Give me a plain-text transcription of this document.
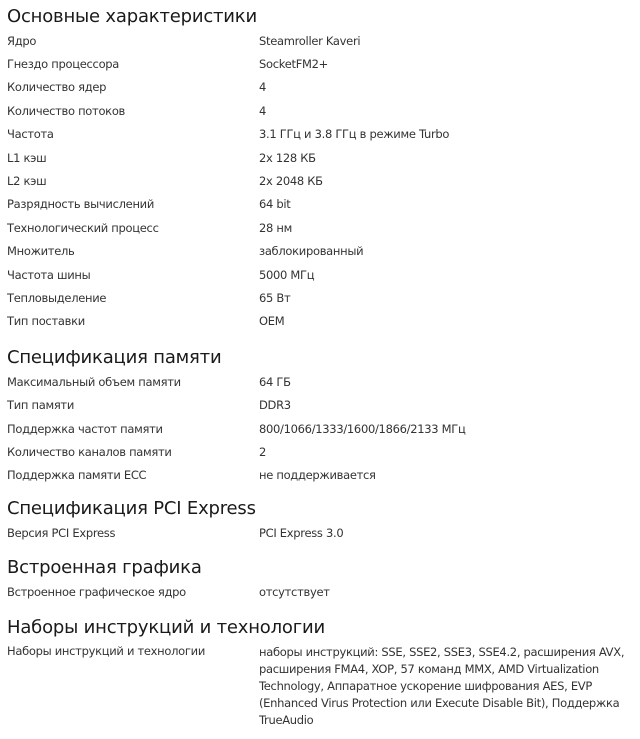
Основные характеристики
Ядро	Steamroller Kaveri
Гнездо процессора	SocketFM2+
Количество ядер	4
Количество потоков	4
Частота	3.1 ГГц и 3.8 ГГц в режиме Turbo
L1 кэш	2x 128 КБ
L2 кэш	2x 2048 КБ
Разрядность вычислений	64 bit
Технологический процесс	28 нм
Множитель	заблокированный
Частота шины	5000 МГц
Тепловыделение	65 Вт
Тип поставки	OEM
Спецификация памяти
Максимальный объем памяти	64 ГБ
Тип памяти	DDR3
Поддержка частот памяти	800/1066/1333/1600/1866/2133 МГц
Количество каналов памяти	2
Поддержка памяти ECC	не поддерживается
Спецификация PCI Express
Версия PCI Express	PCI Express 3.0
Встроенная графика
Встроенное графическое ядро	отсутствует
Наборы инструкций и технологии
Наборы инструкций и технологии	наборы инструкций: SSE, SSE2, SSE3, SSE4.2, расширения AVX, расширения FMA4, XOP, 57 команд MMX, AMD Virtualization Technology, Аппаратное ускорение шифрования AES, EVP (Enhanced Virus Protection или Execute Disable Bit), Поддержка TrueAudio
